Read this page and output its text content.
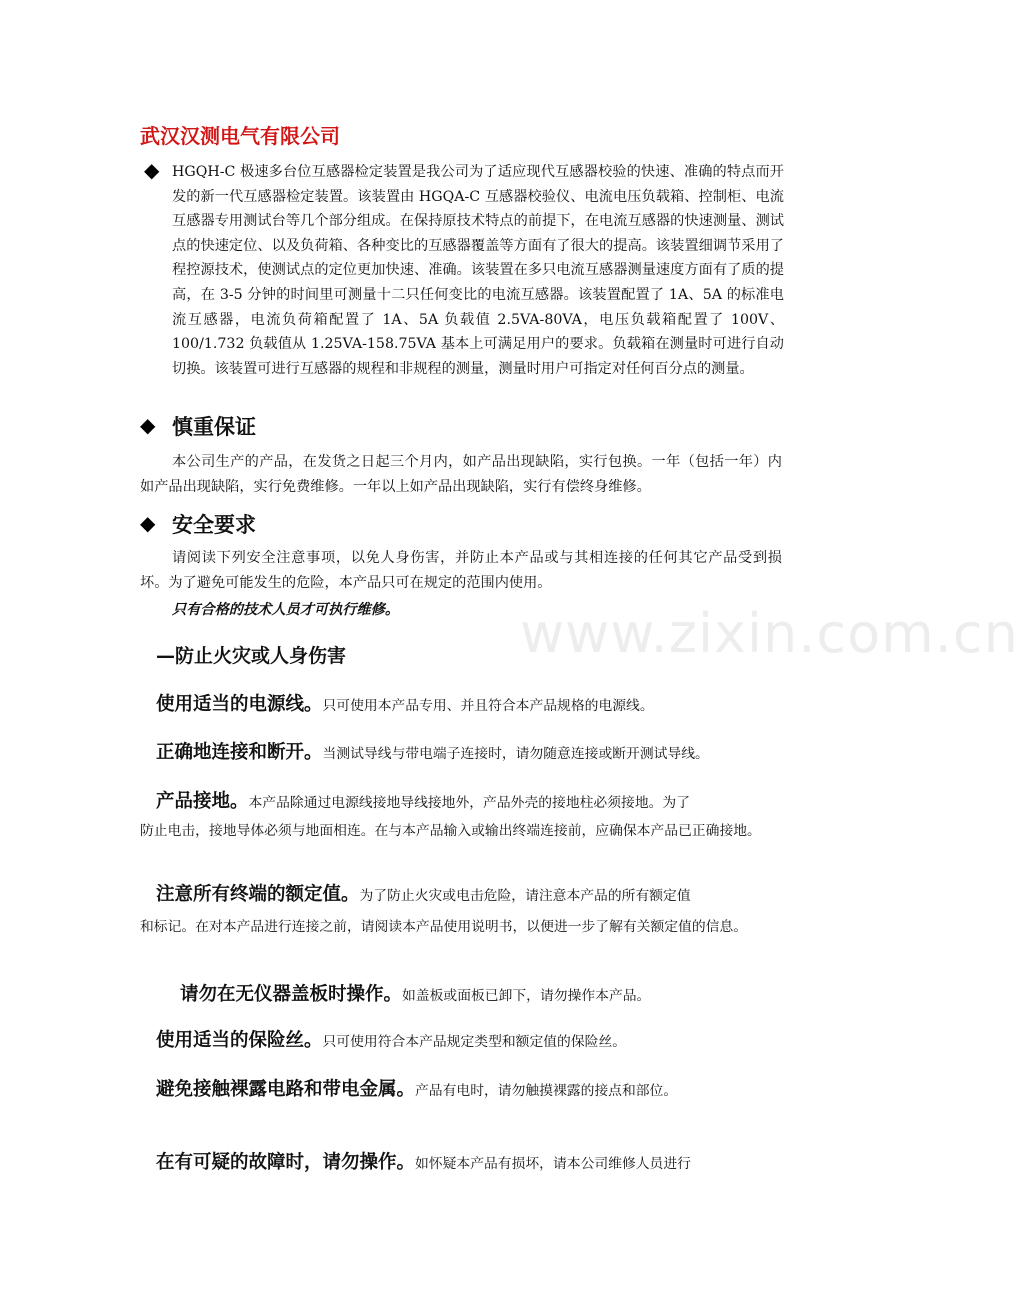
武汉汉测电气有限公司
◆ HGQH-C 极速多台位互感器检定装置是我公司为了适应现代互感器校验的快速、准确的特点而开发的新一代互感器检定装置。该装置由 HGQA-C 互感器校验仪、电流电压负载箱、控制柜、电流互感器专用测试台等几个部分组成。在保持原技术特点的前提下，在电流互感器的快速测量、测试点的快速定位、以及负荷箱、各种变比的互感器覆盖等方面有了很大的提高。该装置细调节采用了程控源技术，使测试点的定位更加快速、准确。该装置在多只电流互感器测量速度方面有了质的提高，在 3-5 分钟的时间里可测量十二只任何变比的电流互感器。该装置配置了 1A、5A 的标准电流互感器，电流负荷箱配置了 1A、5A 负载值 2.5VA-80VA，电压负载箱配置了 100V、100/1.732 负载值从 1.25VA-158.75VA 基本上可满足用户的要求。负载箱在测量时可进行自动切换。该装置可进行互感器的规程和非规程的测量，测量时用户可指定对任何百分点的测量。
◆ 慎重保证
本公司生产的产品，在发货之日起三个月内，如产品出现缺陷，实行包换。一年（包括一年）内如产品出现缺陷，实行免费维修。一年以上如产品出现缺陷，实行有偿终身维修。
◆ 安全要求
请阅读下列安全注意事项，以免人身伤害，并防止本产品或与其相连接的任何其它产品受到损坏。为了避免可能发生的危险，本产品只可在规定的范围内使用。
www.zixin.com.cn
只有合格的技术人员才可执行维修。
—防止火灾或人身伤害
使用适当的电源线。只可使用本产品专用、并且符合本产品规格的电源线。
正确地连接和断开。当测试导线与带电端子连接时，请勿随意连接或断开测试导线。
产品接地。本产品除通过电源线接地导线接地外，产品外壳的接地柱必须接地。为了
防止电击，接地导体必须与地面相连。在与本产品输入或输出终端连接前，应确保本产品已正确接地。
注意所有终端的额定值。为了防止火灾或电击危险，请注意本产品的所有额定值
和标记。在对本产品进行连接之前，请阅读本产品使用说明书，以便进一步了解有关额定值的信息。
请勿在无仪器盖板时操作。如盖板或面板已卸下，请勿操作本产品。
使用适当的保险丝。只可使用符合本产品规定类型和额定值的保险丝。
避免接触裸露电路和带电金属。产品有电时，请勿触摸裸露的接点和部位。
在有可疑的故障时，请勿操作。如怀疑本产品有损坏，请本公司维修人员进行
